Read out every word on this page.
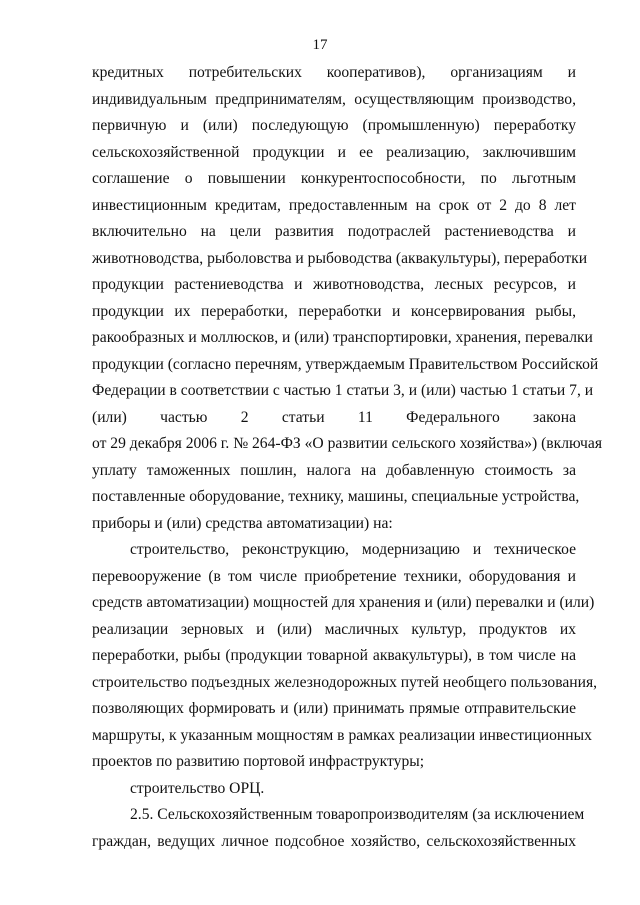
17
кредитных потребительских кооперативов), организациям и
индивидуальным предпринимателям, осуществляющим производство,
первичную и (или) последующую (промышленную) переработку
сельскохозяйственной продукции и ее реализацию, заключившим
соглашение о повышении конкурентоспособности, по льготным
инвестиционным кредитам, предоставленным на срок от 2 до 8 лет
включительно на цели развития подотраслей растениеводства и
животноводства, рыболовства и рыбоводства (аквакультуры), переработки
продукции растениеводства и животноводства, лесных ресурсов, и
продукции их переработки, переработки и консервирования рыбы,
ракообразных и моллюсков, и (или) транспортировки, хранения, перевалки
продукции (согласно перечням, утверждаемым Правительством Российской
Федерации в соответствии с частью 1 статьи 3, и (или) частью 1 статьи 7, и
(или) частью 2 статьи 11 Федерального закона
от 29 декабря 2006 г. № 264-ФЗ «О развитии сельского хозяйства») (включая
уплату таможенных пошлин, налога на добавленную стоимость за
поставленные оборудование, технику, машины, специальные устройства,
приборы и (или) средства автоматизации) на:
строительство, реконструкцию, модернизацию и техническое
перевооружение (в том числе приобретение техники, оборудования и
средств автоматизации) мощностей для хранения и (или) перевалки и (или)
реализации зерновых и (или) масличных культур, продуктов их
переработки, рыбы (продукции товарной аквакультуры), в том числе на
строительство подъездных железнодорожных путей необщего пользования,
позволяющих формировать и (или) принимать прямые отправительские
маршруты, к указанным мощностям в рамках реализации инвестиционных
проектов по развитию портовой инфраструктуры;
строительство ОРЦ.
2.5. Сельскохозяйственным товаропроизводителям (за исключением
граждан, ведущих личное подсобное хозяйство, сельскохозяйственных
